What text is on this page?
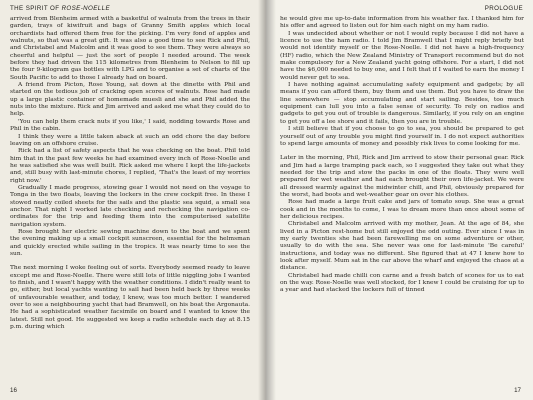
THE SPIRIT OF ROSE-NOELLE

arrived from Blenheim armed with a basketful of walnuts from the trees in their garden, trays of kiwifruit and bags of Granny Smith apples which local orchardists had offered them free for the picking. I'm very fond of apples and walnuts, so that was a great gift. It was also a good time to see Rick and Phil, and Christabel and Malcolm and it was good to see them. They were always so cheerful and helpful — just the sort of people I needed around. The week before they had driven the 115 kilometres from Blenheim to Nelson to fill up the four 9-kilogram gas bottles with LPG and to organise a set of charts of the South Pacific to add to those I already had on board.

A friend from Picton, Rose Young, sat down at the dinette with Phil and started on the tedious job of cracking open scores of walnuts. Rose had made up a large plastic container of homemade muesli and she and Phil added the nuts into the mixture. Rick and Jim arrived and asked me what they could do to help.

'You can help them crack nuts if you like,' I said, nodding towards Rose and Phil in the cabin.

I think they were a little taken aback at such an odd chore the day before leaving on an offshore cruise.

Rick had a list of safety aspects that he was checking on the boat. Phil told him that in the past few weeks he had examined every inch of Rose-Noelle and he was satisfied she was well built. Rick asked me where I kept the life-jackets and, still busy with last-minute chores, I replied, 'That's the least of my worries right now.'

Gradually I made progress, stowing gear I would not need on the voyage to Tonga in the two floats, leaving the lockers in the crew cockpit free. In these I stowed neatly coiled sheets for the sails and the plastic sea squid, a small sea anchor. That night I worked late checking and rechecking the navigation co-ordinates for the trip and feeding them into the computerised satellite navigation system.

Rose brought her electric sewing machine down to the boat and we spent the evening making up a small cockpit sunscreen, essential for the helmsman and quickly erected while sailing in the tropics. It was nearly time to see the sun.

The next morning I woke feeling out of sorts. Everybody seemed ready to leave except me and Rose-Noelle. There were still lots of little niggling jobs I wanted to finish, and I wasn't happy with the weather conditions. I didn't really want to go, either, but local yachts wanting to sail had been held back by three weeks of unfavourable weather, and today, I knew, was too much better. I wandered over to see a neighbouring yacht that had Bramwell, on his boat the Argonauta. He had a sophisticated weather facsimile on board and I wanted to know the latest. Still not good. He suggested we keep a radio schedule each day at 8.15 p.m. during which

16
PROLOGUE

he would give me up-to-date information from his weather fax. I thanked him for his offer and agreed to listen out for him each night on my ham radio.

I was undecided about whether or not I would reply because I did not have a licence to use the ham radio. I told Jim Bramwell that I might reply briefly but would not identify myself or the Rose-Noelle. I did not have a high-frequency (HF) radio, which the New Zealand Ministry of Transport recommend but do not make compulsory for a New Zealand yacht going offshore. For a start, I did not have the $6,000 needed to buy one, and I felt that if I waited to earn the money I would never get to sea.

I have nothing against accumulating safety equipment and gadgets; by all means if you can afford them, buy them and use them. But you have to draw the line somewhere — stop accumulating and start sailing. Besides, too much equipment can lull you into a false sense of security. To rely on radios and gadgets to get you out of trouble is dangerous. Similarly, if you rely on an engine to get you off a lee shore and it fails, then you are in trouble.

I still believe that if you choose to go to sea, you should be prepared to get yourself out of any trouble you might find yourself in. I do not expect authorities to spend large amounts of money and possibly risk lives to come looking for me.

Later in the morning, Phil, Rick and Jim arrived to stow their personal gear. Rick and Jim had a large tramping pack each, so I suggested they take out what they needed for the trip and stow the packs in one of the floats. They were well prepared for wet weather and had each brought their own life-jacket. We were all dressed warmly against the midwinter chill, and Phil, obviously prepared for the worst, had boots and wet-weather gear on over his clothes.

Rose had made a large fruit cake and jars of tomato soup. She was a great cook and in the months to come, I was to dream more than once about some of her delicious recipes.

Christabel and Malcolm arrived with my mother, Jean. At the age of 84, she lived in a Picton rest-home but still enjoyed the odd outing. Ever since I was in my early twenties she had been farewelling me on some adventure or other, usually to do with the sea. She never was one for last-minute 'Be careful' instructions, and today was no different. She figured that at 47 I knew how to look after myself. Mum sat in the car above the wharf and enjoyed the chaos at a distance.

Christabel had made chilli con carne and a fresh batch of scones for us to eat on the way. Rose-Noelle was well stocked, for I knew I could be cruising for up to a year and had stacked the lockers full of tinned

17
